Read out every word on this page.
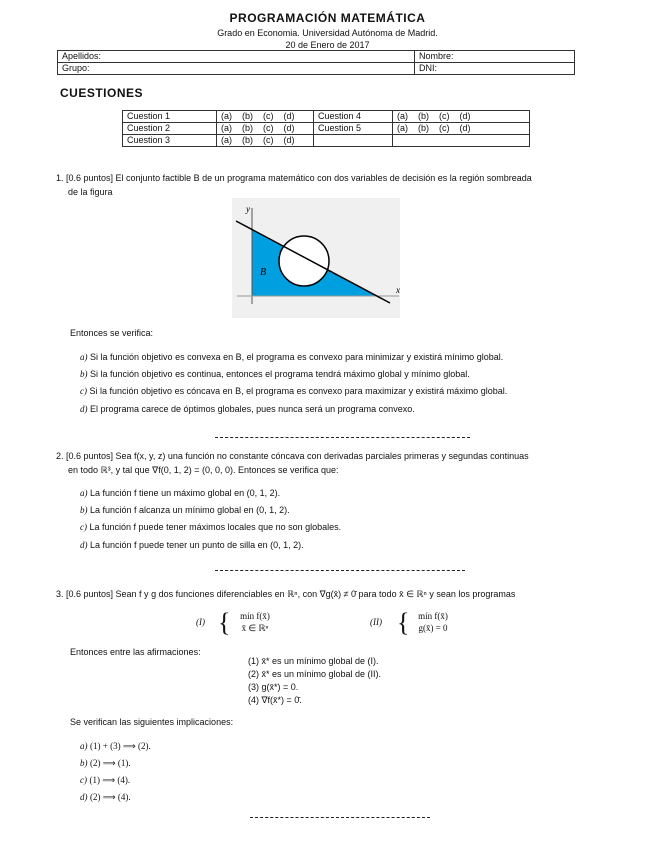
PROGRAMACIÓN MATEMÁTICA
Grado en Economia. Universidad Autónoma de Madrid.
20 de Enero de 2017
Apellidos:	Nombre:
Grupo:	DNI:
CUESTIONES
Cuestion 1	(a)    (b)    (c)    (d)	Cuestion 4	(a)    (b)    (c)    (d)
Cuestion 2	(a)    (b)    (c)    (d)	Cuestion 5	(a)    (b)    (c)    (d)
Cuestion 3	(a)    (b)    (c)    (d)		
1. [0.6 puntos] El conjunto factible B de un programa matemático con dos variables de decisión es la región sombreada
de la figura
y
B
x
Entonces se verifica:
a) Si la función objetivo es convexa en B, el programa es convexo para minimizar y existirá mínimo global.
b) Si la función objetivo es continua, entonces el programa tendrá máximo global y mínimo global.
c) Si la función objetivo es cóncava en B, el programa es convexo para maximizar y existirá máximo global.
d) El programa carece de óptimos globales, pues nunca será un programa convexo.
2. [0.6 puntos] Sea f(x, y, z) una función no constante cóncava con derivadas parciales primeras y segundas continuas
en todo ℝ³, y tal que ∇f(0, 1, 2) = (0, 0, 0). Entonces se verifica que:
a) La función f tiene un máximo global en (0, 1, 2).
b) La función f alcanza un mínimo global en (0, 1, 2).
c) La función f puede tener máximos locales que no son globales.
d) La función f puede tener un punto de silla en (0, 1, 2).
3. [0.6 puntos] Sean f y g dos funciones diferenciables en ℝⁿ, con ∇g(x̄) ≠ 0̄ para todo x̄ ∈ ℝⁿ y sean los programas
(I) {	mín f(x̄)
x̄ ∈ ℝⁿ
(II) { mín f(x̄)
g(x̄) = 0
Entonces entre las afirmaciones:
(1) x̄* es un mínimo global de (I).
(2) x̄* es un mínimo global de (II).
(3) g(x̄*) = 0.
(4) ∇f(x̄*) = 0̄.
Se verifican las siguientes implicaciones:
a) (1) + (3) ⟹ (2).
b) (2) ⟹ (1).
c) (1) ⟹ (4).
d) (2) ⟹ (4).
